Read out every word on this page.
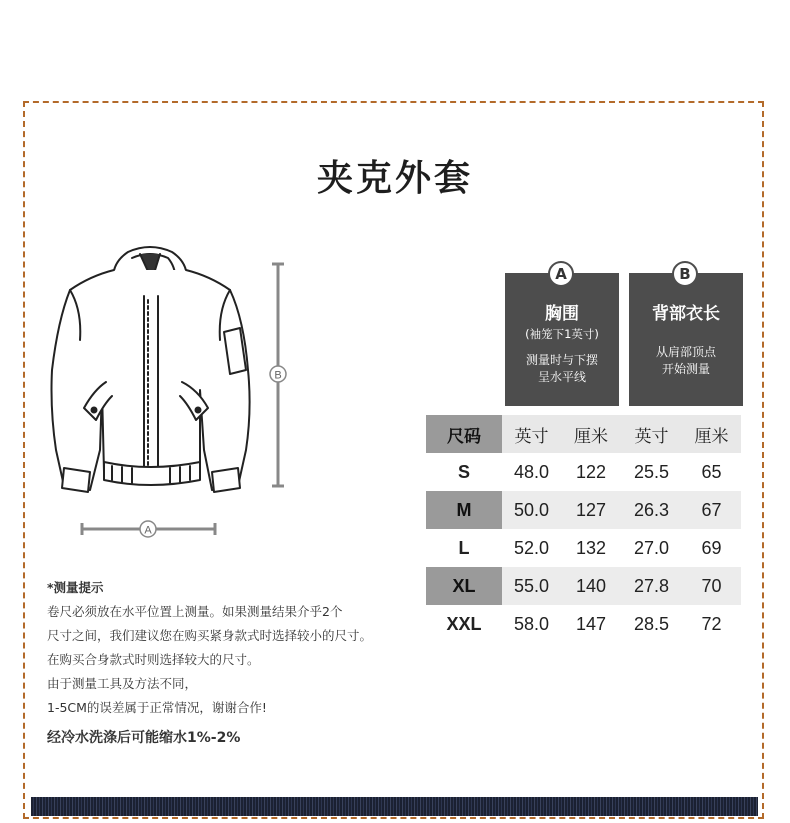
夹克外套
B
A
A
胸围
(袖笼下1英寸)
测量时与下摆
呈水平线
B
背部衣长
从肩部顶点
开始测量
尺码	英寸	厘米	英寸	厘米
S	48.0	122	25.5	65
M	50.0	127	26.3	67
L	52.0	132	27.0	69
XL	55.0	140	27.8	70
XXL	58.0	147	28.5	72
*测量提示
卷尺必须放在水平位置上测量。如果测量结果介乎2个
尺寸之间，我们建议您在购买紧身款式时选择较小的尺寸。
在购买合身款式时则选择较大的尺寸。
由于测量工具及方法不同，
1-5CM的误差属于正常情况，谢谢合作!
经冷水洗涤后可能缩水1%-2%
